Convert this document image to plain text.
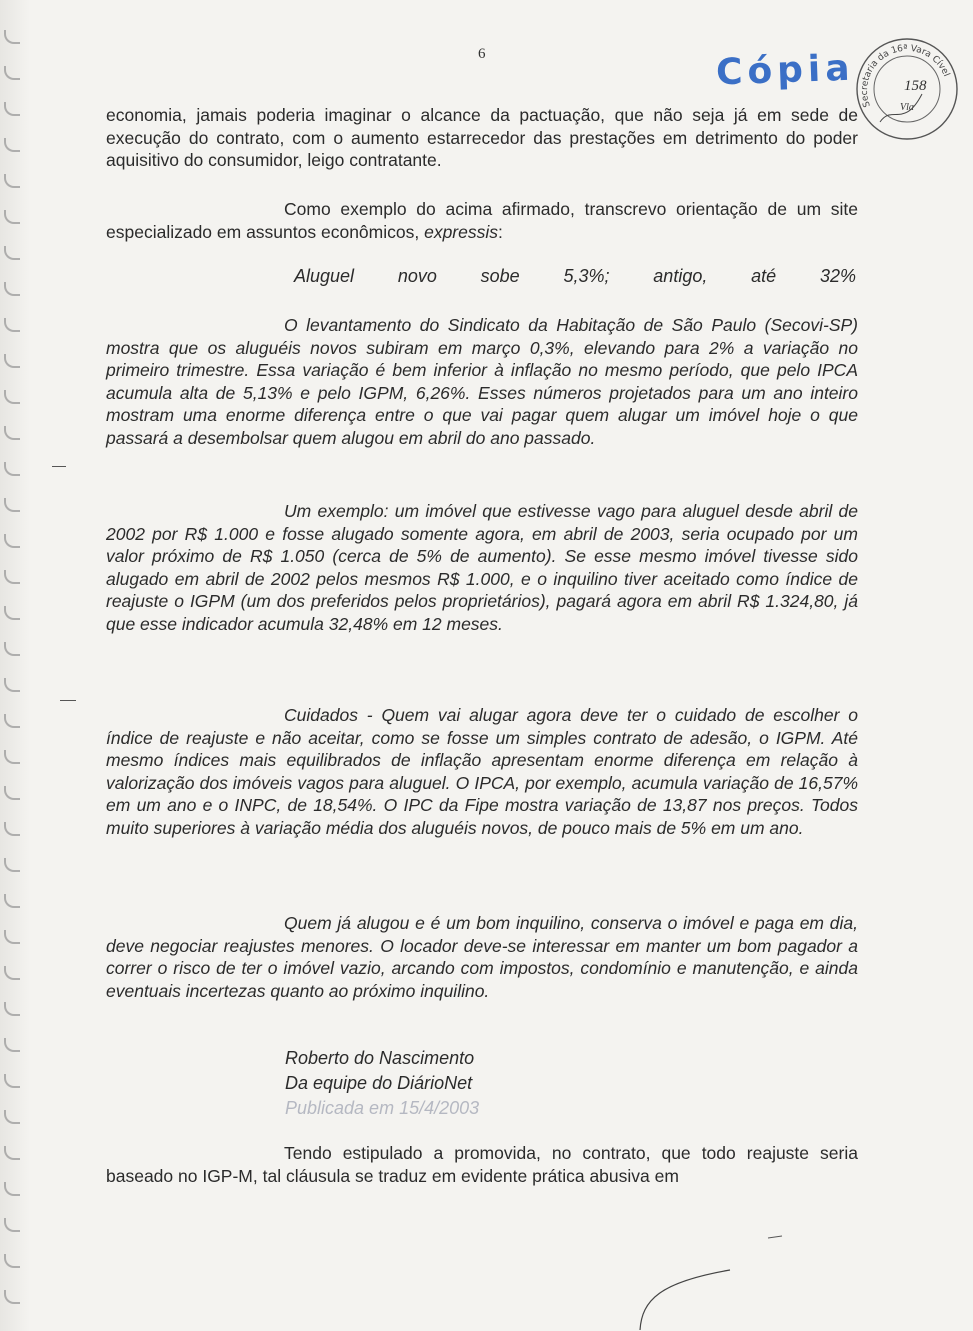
6	Cópia
Secretaria da 16ª Vara Cível
158
Vla

economia, jamais poderia imaginar o alcance da pactuação, que não seja já em sede de execução do contrato, com o aumento estarrecedor das prestações em detrimento do poder aquisitivo do consumidor, leigo contratante.

Como exemplo do acima afirmado, transcrevo orientação de um site especializado em assuntos econômicos, expressis:

Aluguel novo sobe 5,3%; antigo, até 32%

O levantamento do Sindicato da Habitação de São Paulo (Secovi-SP) mostra que os aluguéis novos subiram em março 0,3%, elevando para 2% a variação no primeiro trimestre. Essa variação é bem inferior à inflação no mesmo período, que pelo IPCA acumula alta de 5,13% e pelo IGPM, 6,26%. Esses números projetados para um ano inteiro mostram uma enorme diferença entre o que vai pagar quem alugar um imóvel hoje o que passará a desembolsar quem alugou em abril do ano passado.

Um exemplo: um imóvel que estivesse vago para aluguel desde abril de 2002 por R$ 1.000 e fosse alugado somente agora, em abril de 2003, seria ocupado por um valor próximo de R$ 1.050 (cerca de 5% de aumento). Se esse mesmo imóvel tivesse sido alugado em abril de 2002 pelos mesmos R$ 1.000, e o inquilino tiver aceitado como índice de reajuste o IGPM (um dos preferidos pelos proprietários), pagará agora em abril R$ 1.324,80, já que esse indicador acumula 32,48% em 12 meses.

Cuidados - Quem vai alugar agora deve ter o cuidado de escolher o índice de reajuste e não aceitar, como se fosse um simples contrato de adesão, o IGPM. Até mesmo índices mais equilibrados de inflação apresentam enorme diferença em relação à valorização dos imóveis vagos para aluguel. O IPCA, por exemplo, acumula variação de 16,57% em um ano e o INPC, de 18,54%. O IPC da Fipe mostra variação de 13,87 nos preços. Todos muito superiores à variação média dos aluguéis novos, de pouco mais de 5% em um ano.

Quem já alugou e é um bom inquilino, conserva o imóvel e paga em dia, deve negociar reajustes menores. O locador deve-se interessar em manter um bom pagador a correr o risco de ter o imóvel vazio, arcando com impostos, condomínio e manutenção, e ainda eventuais incertezas quanto ao próximo inquilino.

Roberto do Nascimento
Da equipe do DiárioNet
Publicada em 15/4/2003

Tendo estipulado a promovida, no contrato, que todo reajuste seria baseado no IGP-M, tal cláusula se traduz em evidente prática abusiva em
